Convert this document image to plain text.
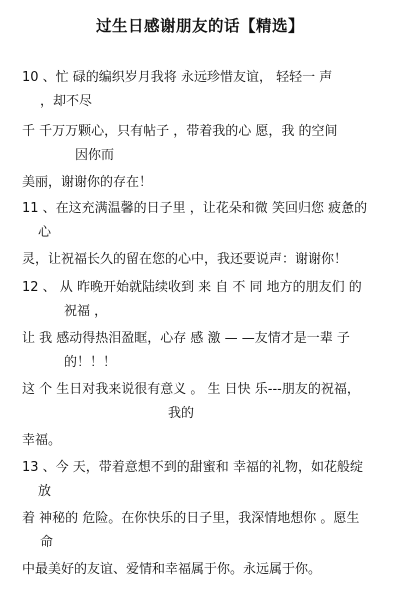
过生日感谢朋友的话【精选】
10 、忙 碌的编织岁月我将 永远珍惜友谊， 轻轻一 声
，却不尽
千 千万万颗心，只有帖子 ，带着我的心 愿，我 的空间
因你而
美丽，谢谢你的存在！
11 、在这充满温馨的日子里 ，让花朵和微 笑回归您 疲惫的
心
灵，让祝福长久的留在您的心中，我还要说声：谢谢你！
12 、 从 昨晚开始就陆续收到 来 自 不 同 地方的朋友们 的
祝福 ，
让 我 感动得热泪盈眶，心存 感 激 — —友情才是一辈 子
的！！！
这 个 生日对我来说很有意义 。 生 日快 乐---朋友的祝福，
我的
幸福。
13 、今 天，带着意想不到的甜蜜和 幸福的礼物，如花般绽
放
着 神秘的 危险。在你快乐的日子里，我深情地想你 。愿生
命
中最美好的友谊、爱情和幸福属于你。永远属于你。
